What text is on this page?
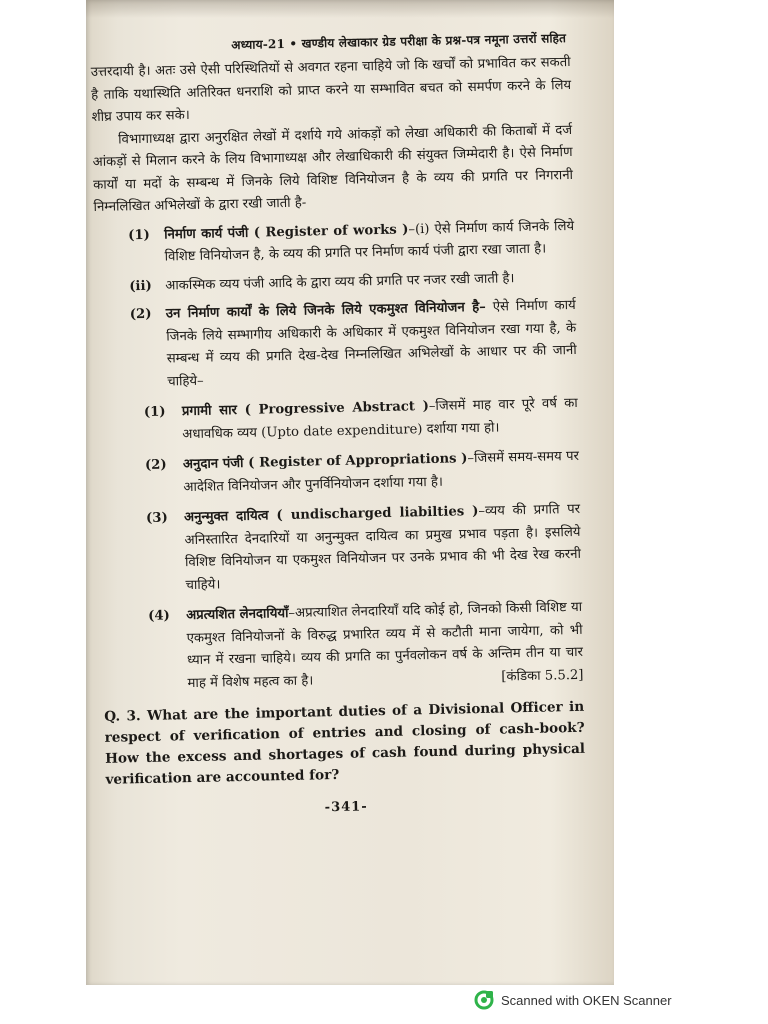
अध्याय-21 • खण्डीय लेखाकार ग्रेड परीक्षा के प्रश्न-पत्र नमूना उत्तरों सहित

उत्तरदायी है। अतः उसे ऐसी परिस्थितियों से अवगत रहना चाहिये जो कि खर्चों को प्रभावित कर सकती है ताकि यथास्थिति अतिरिक्त धनराशि को प्राप्त करने या सम्भावित बचत को समर्पण करने के लिय शीघ्र उपाय कर सके।

विभागाध्यक्ष द्वारा अनुरक्षित लेखों में दर्शाये गये आंकड़ों को लेखा अधिकारी की किताबों में दर्ज आंकड़ों से मिलान करने के लिय विभागाध्यक्ष और लेखाधिकारी की संयुक्त जिम्मेदारी है। ऐसे निर्माण कार्यों या मदों के सम्बन्ध में जिनके लिये विशिष्ट विनियोजन है के व्यय की प्रगति पर निगरानी निम्नलिखित अभिलेखों के द्वारा रखी जाती है-

(1) निर्माण कार्य पंजी ( Register of works )–(i) ऐसे निर्माण कार्य जिनके लिये विशिष्ट विनियोजन है, के व्यय की प्रगति पर निर्माण कार्य पंजी द्वारा रखा जाता है।
(ii) आकस्मिक व्यय पंजी आदि के द्वारा व्यय की प्रगति पर नजर रखी जाती है।
(2) उन निर्माण कार्यों के लिये जिनके लिये एकमुश्त विनियोजन है– ऐसे निर्माण कार्य जिनके लिये सम्भागीय अधिकारी के अधिकार में एकमुश्त विनियोजन रखा गया है, के सम्बन्ध में व्यय की प्रगति देख-देख निम्नलिखित अभिलेखों के आधार पर की जानी चाहिये–
(1) प्रगामी सार ( Progressive Abstract )–जिसमें माह वार पूरे वर्ष का अधावधिक व्यय (Upto date expenditure) दर्शाया गया हो।
(2) अनुदान पंजी ( Register of Appropriations )–जिसमें समय-समय पर आदेशित विनियोजन और पुनर्विनियोजन दर्शाया गया है।
(3) अनुन्मुक्त दायित्व ( undischarged liabilties )–व्यय की प्रगति पर अनिस्तारित देनदारियों या अनुन्मुक्त दायित्व का प्रमुख प्रभाव पड़ता है। इसलिये विशिष्ट विनियोजन या एकमुश्त विनियोजन पर उनके प्रभाव की भी देख रेख करनी चाहिये।
(4) अप्रत्यशित लेनदायियाँ–अप्रत्याशित लेनदारियाँ यदि कोई हो, जिनको किसी विशिष्ट या एकमुश्त विनियोजनों के विरुद्ध प्रभारित व्यय में से कटौती माना जायेगा, को भी ध्यान में रखना चाहिये। व्यय की प्रगति का पुर्नवलोकन वर्ष के अन्तिम तीन या चार माह में विशेष महत्व का है।	[कंडिका 5.5.2]
Q. 3. What are the important duties of a Divisional Officer in respect of verification of entries and closing of cash-book? How the excess and shortages of cash found during physical verification are accounted for?
-341-
Scanned with OKEN Scanner
